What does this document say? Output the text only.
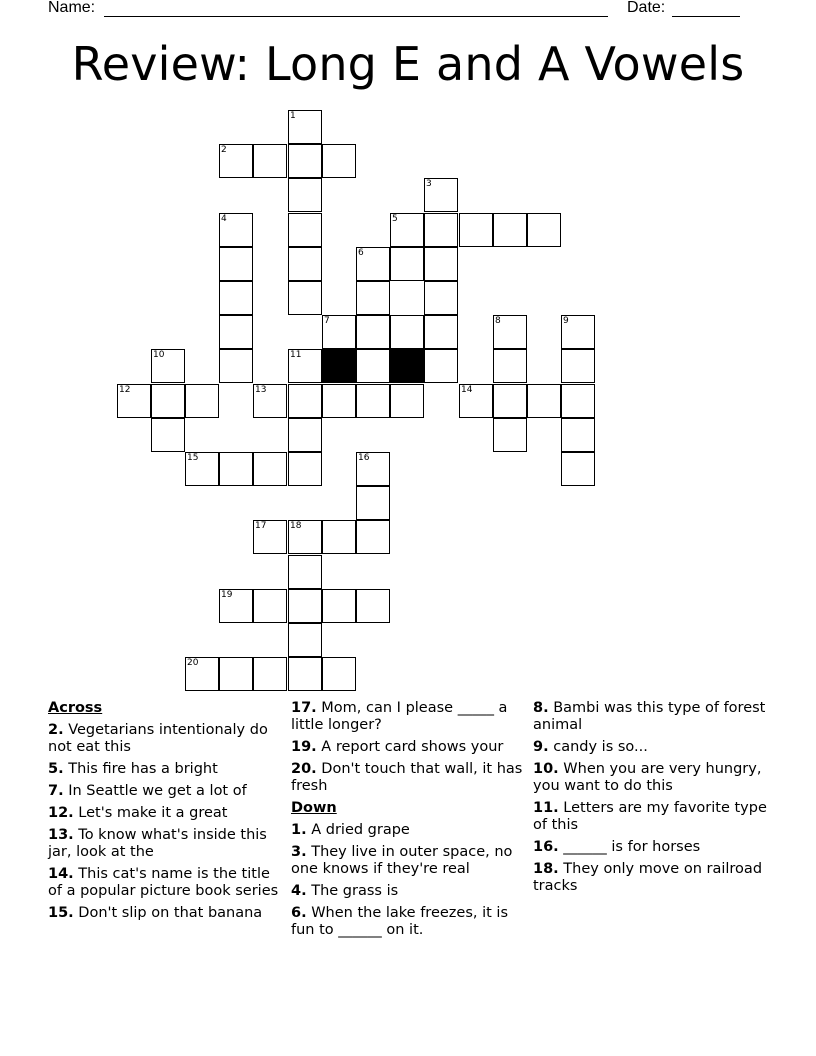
Name:	Date:
Review: Long E and A Vowels
1
2
3
4	5
6
7	8	9
10	11
12	13	14
15	16
17	18
19
20
Across
2. Vegetarians intentionaly do not eat this
5. This fire has a bright
7. In Seattle we get a lot of
12. Let's make it a great
13. To know what's inside this jar, look at the
14. This cat's name is the title of a popular picture book series
15. Don't slip on that banana
17. Mom, can I please _____ a little longer?
19. A report card shows your
20. Don't touch that wall, it has fresh
Down
1. A dried grape
3. They live in outer space, no one knows if they're real
4. The grass is
6. When the lake freezes, it is fun to ______ on it.
8. Bambi was this type of forest animal
9. candy is so...
10. When you are very hungry, you want to do this
11. Letters are my favorite type of this
16. ______ is for horses
18. They only move on railroad tracks
